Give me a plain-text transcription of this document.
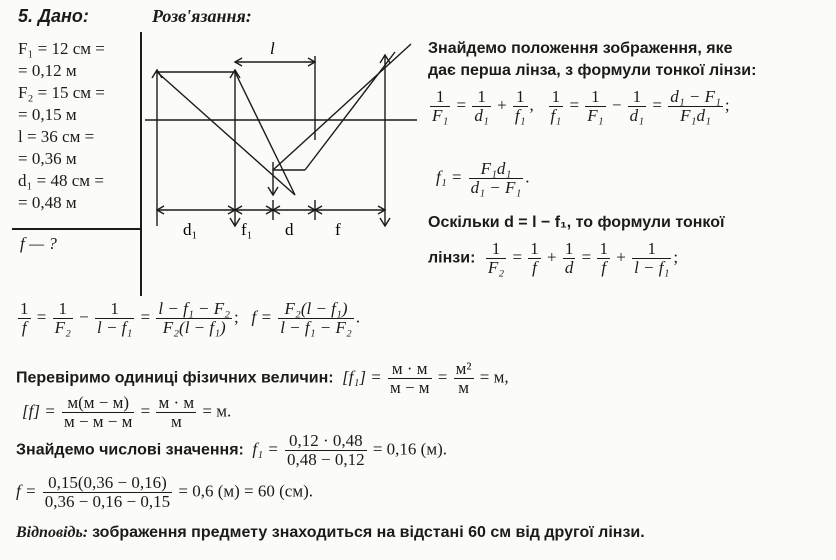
5. Дано:	Розв'язання:
F₁ = 12 см =
= 0,12 м
F₂ = 15 см =
= 0,15 м
l = 36 см =
= 0,36 м
d₁ = 48 см =
= 0,48 м
f — ?
l
d₁	f₁ d f
Знайдемо положення зображення, яке
дає перша лінза, з формули тонкої лінзи:
$\frac{1}{\text{F₁}} = \frac{1}{\text{d₁}} + \frac{1}{\text{f₁}}$ , $\frac{1}{\text{f₁}} = \frac{1}{\text{F₁}} - \frac{1}{\text{d₁}} = \frac{\text{d₁ − F₁}}{\text{F₁d₁}}$ ;
$f_1 = \frac{\text{F₁d₁}}{\text{d₁ − F₁}}$ .
Оскільки d = l − f₁, то формули тонкої
лінзи: $\frac{1}{\text{F₂}} = \frac{1}{f} + \frac{1}{d} = \frac{1}{f} + \frac{1}{\text{l − f₁}}$ ;
$\frac{1}{f} = \frac{1}{\text{F₂}} - \frac{1}{\text{l − f₁}} = \frac{\text{l − f₁ − F₂}}{\text{F₂(l − f₁)}}$ ;   $f = \frac{\text{F₂(l − f₁)}}{\text{l − f₁ − F₂}}$ .
Перевіримо одиниці фізичних величин: $[f_1] = \frac{м \cdot м}{м - м} = \frac{\text{м²}}{м} = м$,
$[f] = \frac{м(м - м)}{м - м - м} = \frac{м \cdot м}{м} = м$.
Знайдемо числові значення: $f_1 = \frac{0,12 \cdot 0,48}{0,48 - 0,12} = 0,16$ (м).
$f = \frac{0,15(0,36 - 0,16)}{0,36 - 0,16 - 0,15} = 0,6$ (м) = 60 (см).
Відповідь: зображення предмету знаходиться на відстані 60 см від другої лінзи.
